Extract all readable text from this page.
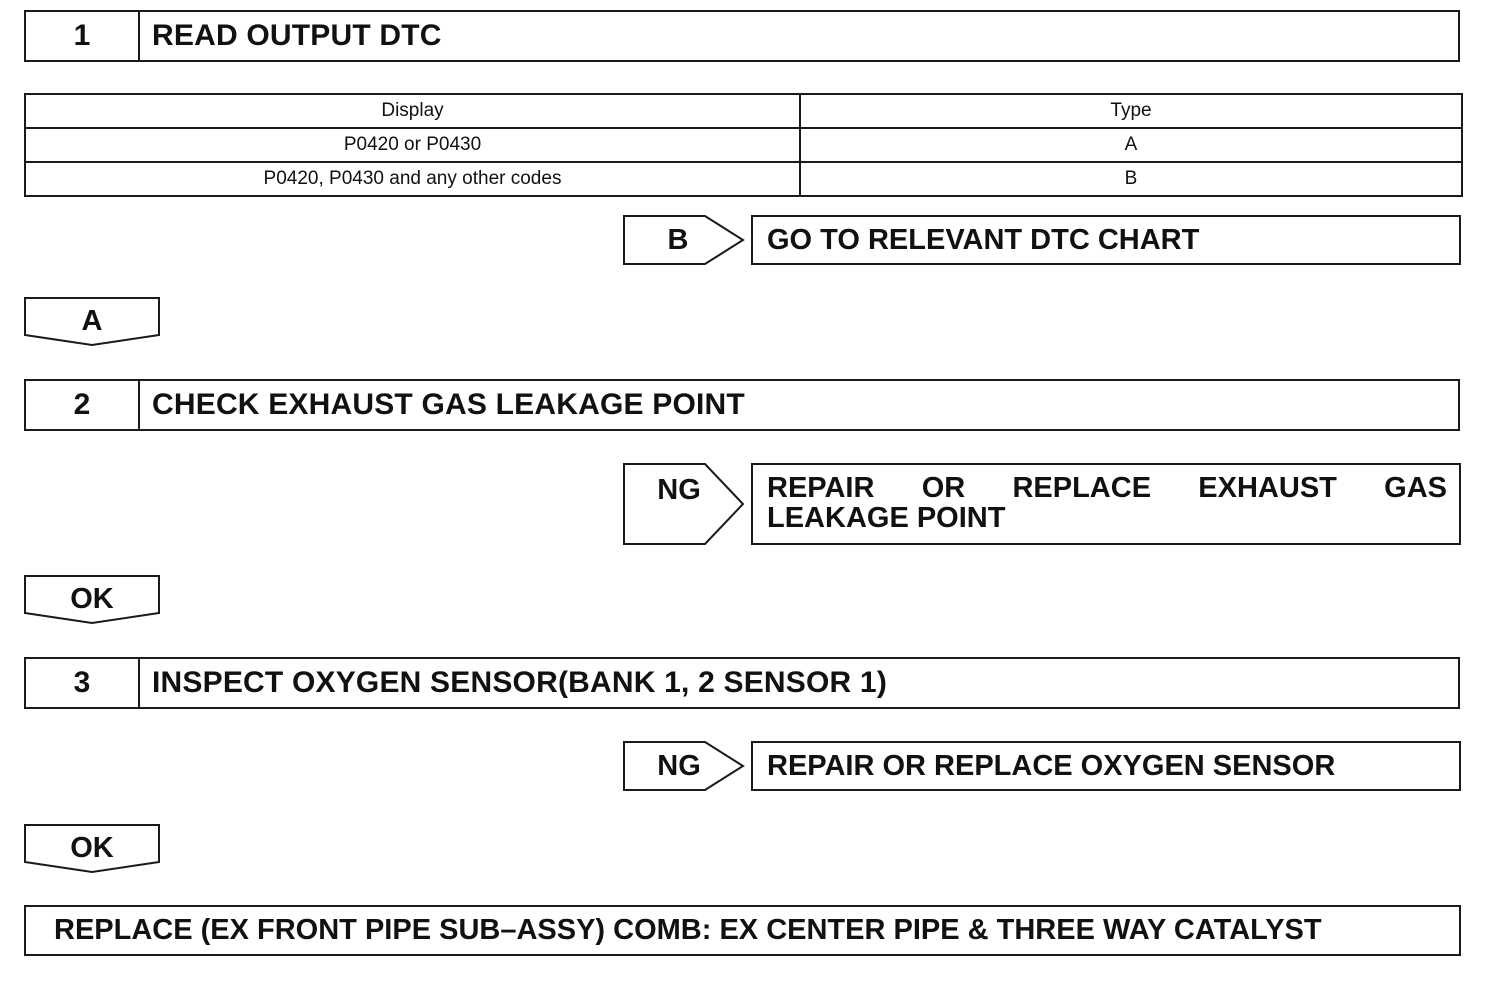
1	READ OUTPUT DTC
Display	Type
P0420 or P0430	A
P0420, P0430 and any other codes	B
B	GO TO RELEVANT DTC CHART
A
2	CHECK EXHAUST GAS LEAKAGE POINT
NG	REPAIR OR REPLACE EXHAUST GAS
LEAKAGE POINT
OK
3	INSPECT OXYGEN SENSOR(BANK 1, 2 SENSOR 1)
NG	REPAIR OR REPLACE OXYGEN SENSOR
OK
REPLACE (EX FRONT PIPE SUB–ASSY) COMB: EX CENTER PIPE & THREE WAY CATALYST
